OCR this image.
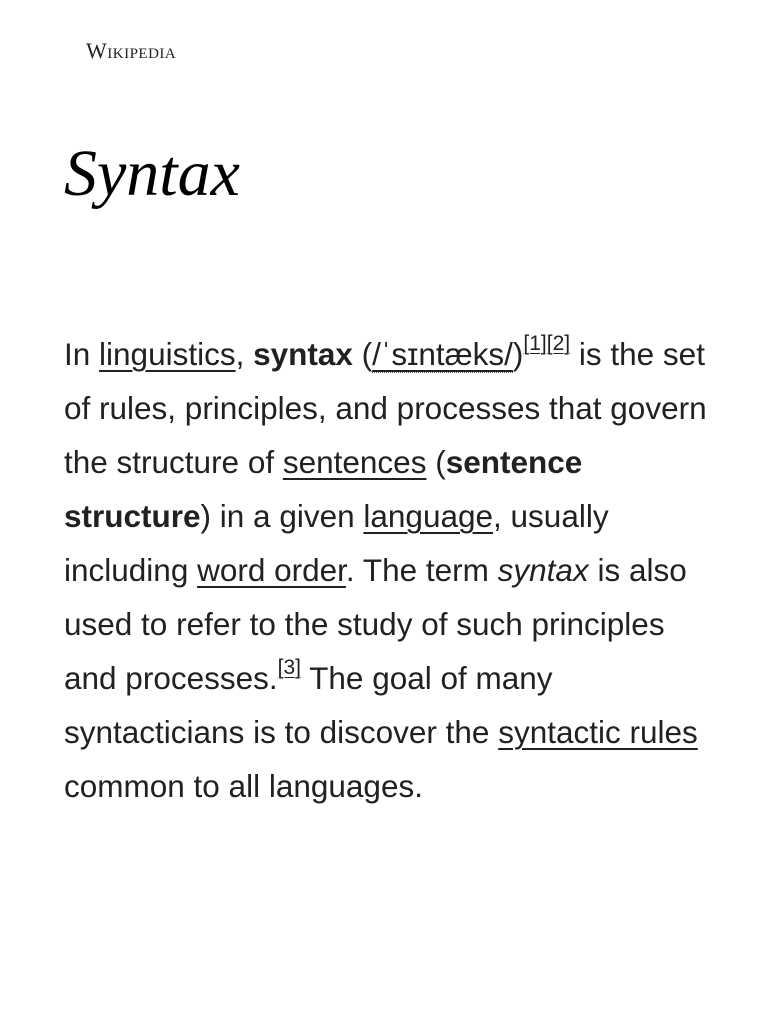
Wikipedia
Syntax

In linguistics, syntax (/ˈsɪntæks/)[1][2] is the set of rules, principles, and processes that govern the structure of sentences (sentence structure) in a given language, usually including word order. The term syntax is also used to refer to the study of such principles and processes.[3] The goal of many syntacticians is to discover the syntactic rules common to all languages.
